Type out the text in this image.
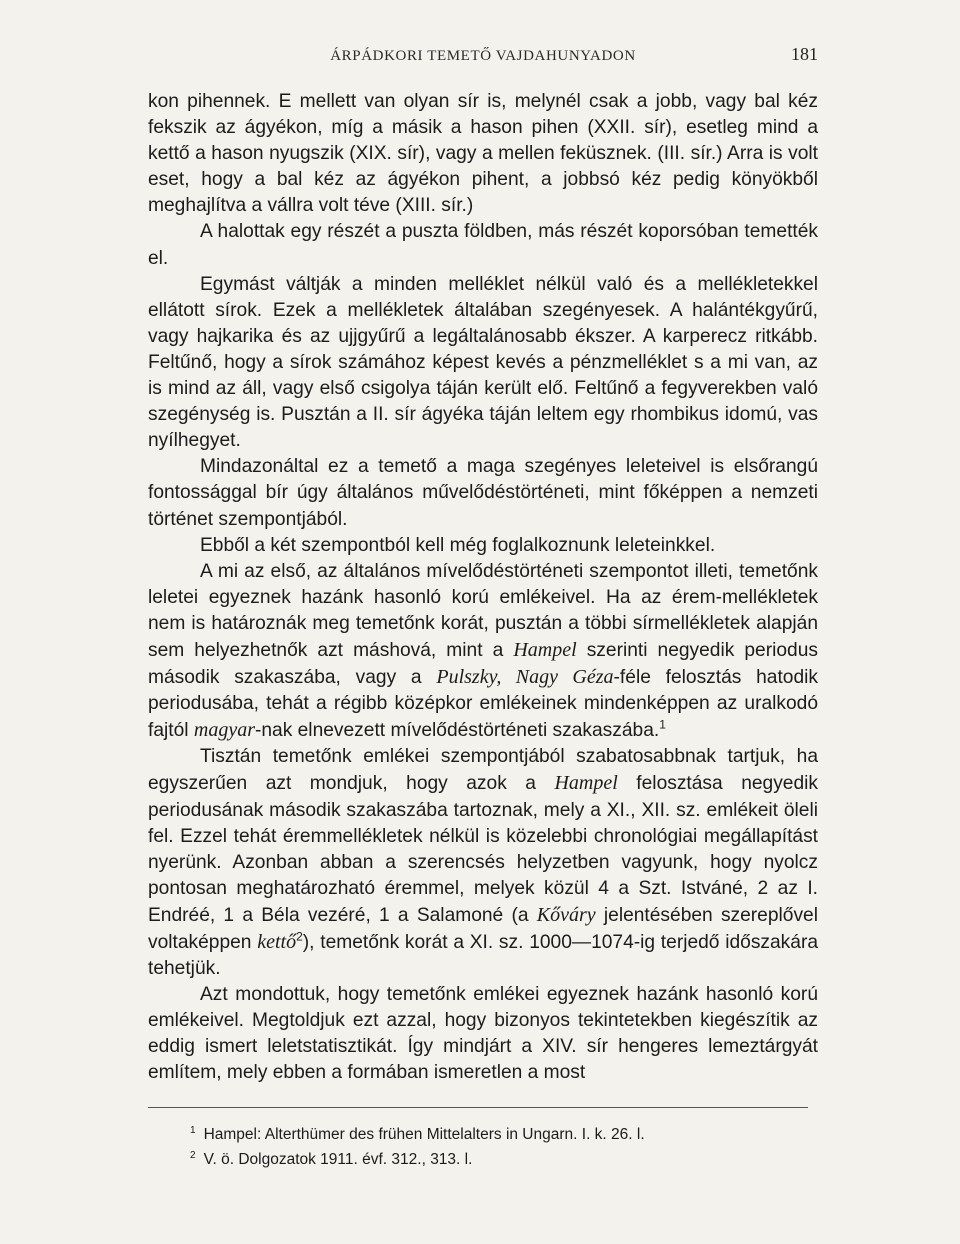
ÁRPÁDKORI TEMETŐ VAJDAHUNYADON	181

kon pihennek. E mellett van olyan sír is, melynél csak a jobb, vagy bal kéz fekszik az ágyékon, míg a másik a hason pihen (XXII. sír), esetleg mind a kettő a hason nyugszik (XIX. sír), vagy a mellen feküsznek. (III. sír.) Arra is volt eset, hogy a bal kéz az ágyékon pihent, a jobbsó kéz pedig könyökből meghajlítva a vállra volt téve (XIII. sír.)

A halottak egy részét a puszta földben, más részét koporsóban temették el.

Egymást váltják a minden melléklet nélkül való és a mellékletekkel ellátott sírok. Ezek a mellékletek általában szegényesek. A halántékgyűrű, vagy hajkarika és az ujjgyűrű a legáltalánosabb ékszer. A karperecz ritkább. Feltűnő, hogy a sírok számához képest kevés a pénzmelléklet s a mi van, az is mind az áll, vagy első csigolya táján került elő. Feltűnő a fegyverekben való szegénység is. Pusztán a II. sír ágyéka táján leltem egy rhombikus idomú, vas nyílhegyet.

Mindazonáltal ez a temető a maga szegényes leleteivel is elsőrangú fontossággal bír úgy általános művelődéstörténeti, mint főképpen a nemzeti történet szempontjából.

Ebből a két szempontból kell még foglalkoznunk leleteinkkel.

A mi az első, az általános mívelődéstörténeti szempontot illeti, temetőnk leletei egyeznek hazánk hasonló korú emlékeivel. Ha az érem-mellékletek nem is határoznák meg temetőnk korát, pusztán a többi sírmellékletek alapján sem helyezhetnők azt máshová, mint a Hampel szerinti negyedik periodus második szakaszába, vagy a Pulszky, Nagy Géza-féle felosztás hatodik periodusába, tehát a régibb középkor emlékeinek mindenképpen az uralkodó fajtól magyar-nak elnevezett mívelődéstörténeti szakaszába.$^1$

Tisztán temetőnk emlékei szempontjából szabatosabbnak tartjuk, ha egyszerűen azt mondjuk, hogy azok a Hampel felosztása negyedik periodusának második szakaszába tartoznak, mely a XI., XII. sz. emlékeit öleli fel. Ezzel tehát éremmellékletek nélkül is közelebbi chronológiai megállapítást nyerünk. Azonban abban a szerencsés helyzetben vagyunk, hogy nyolcz pontosan meghatározható éremmel, melyek közül 4 a Szt. Istváné, 2 az I. Endréé, 1 a Béla vezéré, 1 a Salamoné (a Kőváry jelentésében szereplővel voltaképpen kettő$^2$), temetőnk korát a XI. sz. 1000—1074-ig terjedő időszakára tehetjük.

Azt mondottuk, hogy temetőnk emlékei egyeznek hazánk hasonló korú emlékeivel. Megtoldjuk ezt azzal, hogy bizonyos tekintetekben kiegészítik az eddig ismert leletstatisztikát. Így mindjárt a XIV. sír hengeres lemeztárgyát említem, mely ebben a formában ismeretlen a most

$^1$ Hampel: Alterthümer des frühen Mittelalters in Ungarn. I. k. 26. l.

$^2$ V. ö. Dolgozatok 1911. évf. 312., 313. l.
